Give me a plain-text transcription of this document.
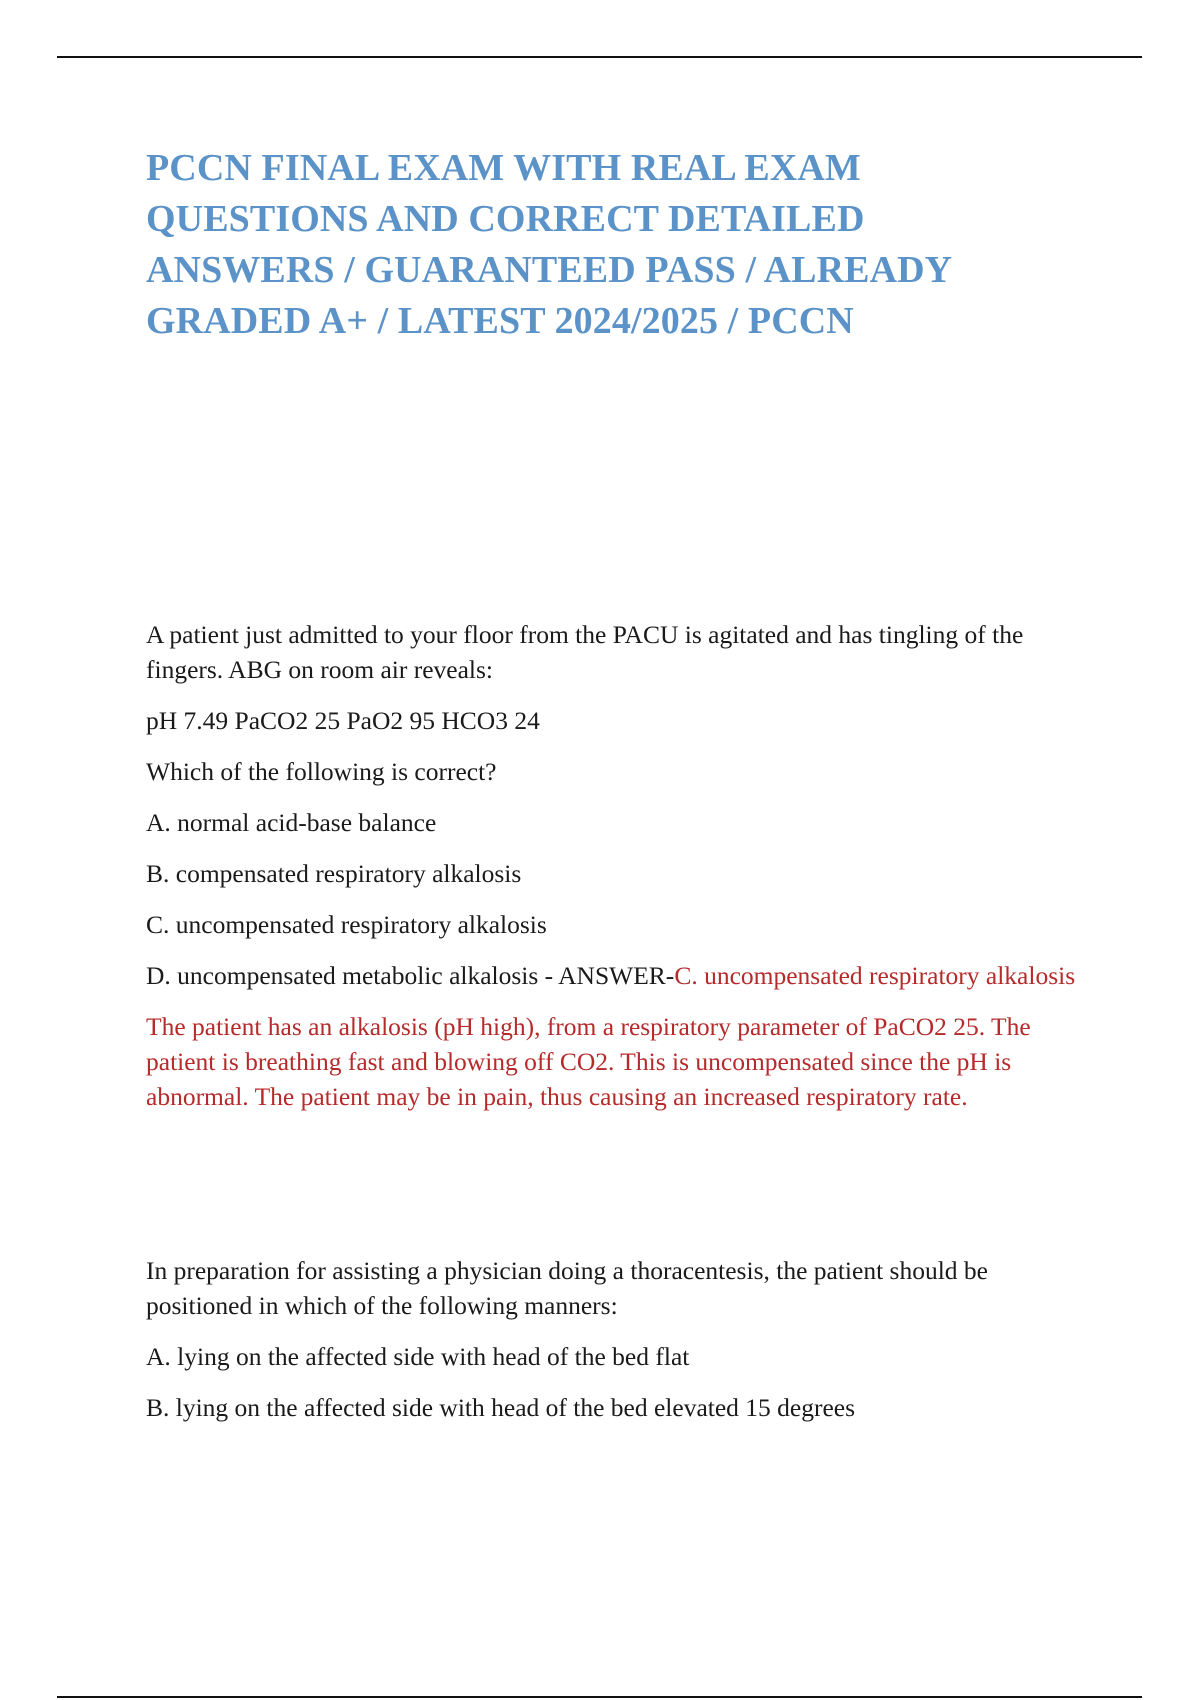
PCCN FINAL EXAM WITH REAL EXAM QUESTIONS AND CORRECT DETAILED ANSWERS / GUARANTEED PASS / ALREADY GRADED A+ / LATEST 2024/2025 / PCCN

A patient just admitted to your floor from the PACU is agitated and has tingling of the fingers. ABG on room air reveals:

pH 7.49 PaCO2 25 PaO2 95 HCO3 24

Which of the following is correct?

A. normal acid-base balance

B. compensated respiratory alkalosis

C. uncompensated respiratory alkalosis

D. uncompensated metabolic alkalosis - ANSWER-C. uncompensated respiratory alkalosis

The patient has an alkalosis (pH high), from a respiratory parameter of PaCO2 25. The patient is breathing fast and blowing off CO2. This is uncompensated since the pH is abnormal. The patient may be in pain, thus causing an increased respiratory rate.

In preparation for assisting a physician doing a thoracentesis, the patient should be positioned in which of the following manners:

A. lying on the affected side with head of the bed flat

B. lying on the affected side with head of the bed elevated 15 degrees
